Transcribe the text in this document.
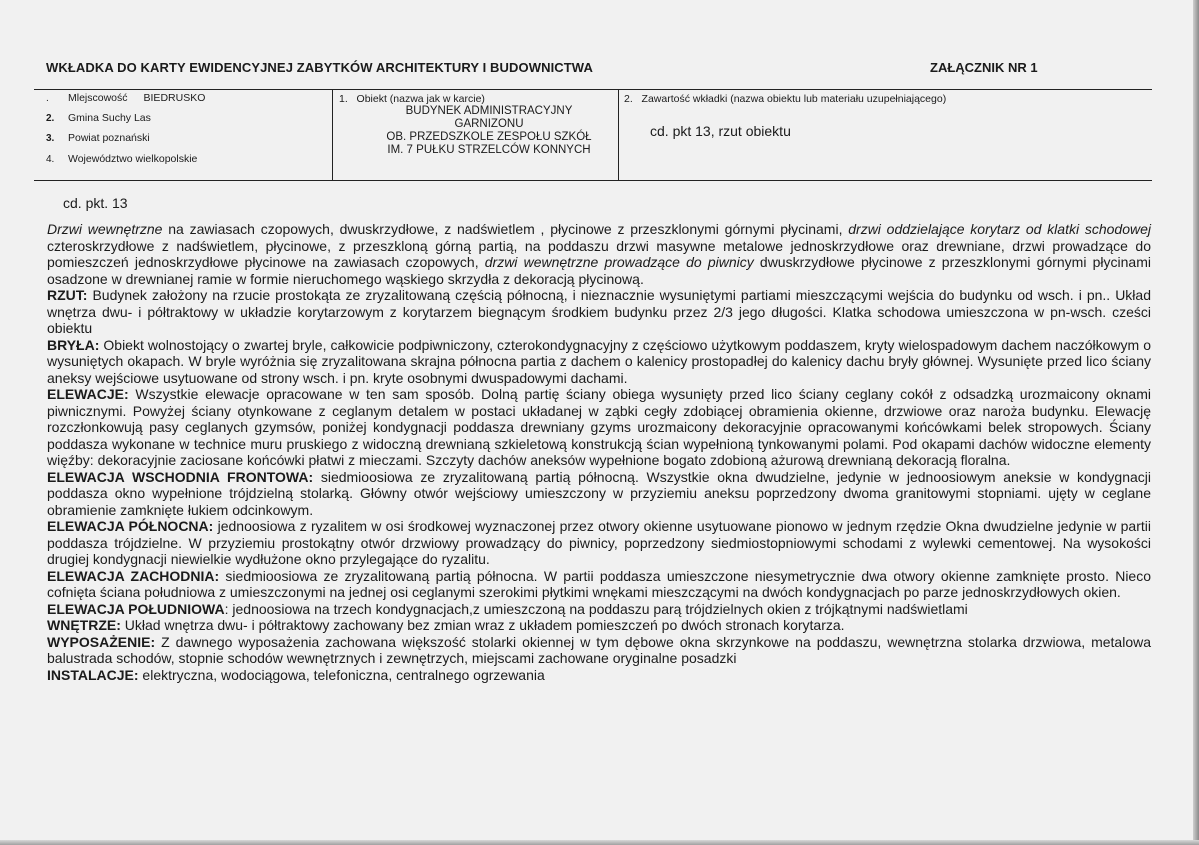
WKŁADKA DO KARTY EWIDENCYJNEJ ZABYTKÓW ARCHITEKTURY I BUDOWNICTWA	ZAŁĄCZNIK NR 1
. Mlejscowość BIEDRUSKO
2. Gmina Suchy Las
3. Powiat poznański
4. Województwo wielkopolskie
1. Obiekt (nazwa jak w karcie)
BUDYNEK ADMINISTRACYJNY
GARNIZONU
OB. PRZEDSZKOLE ZESPOŁU SZKÓŁ
IM. 7 PUŁKU STRZELCÓW KONNYCH
2. Zawartość wkładki (nazwa obiektu lub materiału uzupełniającego)
cd. pkt 13, rzut obiektu
cd. pkt. 13

Drzwi wewnętrzne na zawiasach czopowych, dwuskrzydłowe, z nadświetlem , płycinowe z przeszklonymi górnymi płycinami, drzwi oddzielające korytarz od klatki schodowej czteroskrzydłowe z nadświetlem, płycinowe, z przeszkloną górną partią, na poddaszu drzwi masywne metalowe jednoskrzydłowe oraz drewniane, drzwi prowadzące do pomieszczeń jednoskrzydłowe płycinowe na zawiasach czopowych, drzwi wewnętrzne prowadzące do piwnicy dwuskrzydłowe płycinowe z przeszklonymi górnymi płycinami osadzone w drewnianej ramie w formie nieruchomego wąskiego skrzydła z dekoracją płycinową.

RZUT: Budynek założony na rzucie prostokąta ze zryzalitowaną częścią północną, i nieznacznie wysuniętymi partiami mieszczącymi wejścia do budynku od wsch. i pn.. Układ wnętrza dwu- i półtraktowy w układzie korytarzowym z korytarzem biegnącym środkiem budynku przez 2/3 jego długości. Klatka schodowa umieszczona w pn-wsch. cześci obiektu

BRYŁA: Obiekt wolnostojący o zwartej bryle, całkowicie podpiwniczony, czterokondygnacyjny z częściowo użytkowym poddaszem, kryty wielospadowym dachem naczółkowym o wysuniętych okapach. W bryle wyróżnia się zryzalitowana skrajna północna partia z dachem o kalenicy prostopadłej do kalenicy dachu bryły głównej. Wysunięte przed lico ściany aneksy wejściowe usytuowane od strony wsch. i pn. kryte osobnymi dwuspadowymi dachami.

ELEWACJE: Wszystkie elewacje opracowane w ten sam sposób. Dolną partię ściany obiega wysunięty przed lico ściany ceglany cokół z odsadzką urozmaicony oknami piwnicznymi. Powyżej ściany otynkowane z ceglanym detalem w postaci układanej w ząbki cegły zdobiącej obramienia okienne, drzwiowe oraz naroża budynku. Elewację rozczłonkowują pasy ceglanych gzymsów, poniżej kondygnacji poddasza drewniany gzyms urozmaicony dekoracyjnie opracowanymi końcówkami belek stropowych. Ściany poddasza wykonane w technice muru pruskiego z widoczną drewnianą szkieletową konstrukcją ścian wypełnioną tynkowanymi polami. Pod okapami dachów widoczne elementy więźby: dekoracyjnie zaciosane końcówki płatwi z mieczami. Szczyty dachów aneksów wypełnione bogato zdobioną ażurową drewnianą dekoracją floralna.

ELEWACJA WSCHODNIA FRONTOWA: siedmioosiowa ze zryzalitowaną partią północną. Wszystkie okna dwudzielne, jedynie w jednoosiowym aneksie w kondygnacji poddasza okno wypełnione trójdzielną stolarką. Główny otwór wejściowy umieszczony w przyziemiu aneksu poprzedzony dwoma granitowymi stopniami. ujęty w ceglane obramienie zamknięte łukiem odcinkowym.

ELEWACJA PÓŁNOCNA: jednoosiowa z ryzalitem w osi środkowej wyznaczonej przez otwory okienne usytuowane pionowo w jednym rzędzie Okna dwudzielne jedynie w partii poddasza trójdzielne. W przyziemiu prostokątny otwór drzwiowy prowadzący do piwnicy, poprzedzony siedmiostopniowymi schodami z wylewki cementowej. Na wysokości drugiej kondygnacji niewielkie wydłużone okno przylegające do ryzalitu.

ELEWACJA ZACHODNIA: siedmioosiowa ze zryzalitowaną partią północna. W partii poddasza umieszczone niesymetrycznie dwa otwory okienne zamknięte prosto. Nieco cofnięta ściana południowa z umieszczonymi na jednej osi ceglanymi szerokimi płytkimi wnękami mieszczącymi na dwóch kondygnacjach po parze jednoskrzydłowych okien.

ELEWACJA POŁUDNIOWA: jednoosiowa na trzech kondygnacjach,z umieszczoną na poddaszu parą trójdzielnych okien z trójkątnymi nadświetlami

WNĘTRZE: Układ wnętrza dwu- i półtraktowy zachowany bez zmian wraz z układem pomieszczeń po dwóch stronach korytarza.

WYPOSAŻENIE: Z dawnego wyposażenia zachowana większość stolarki okiennej w tym dębowe okna skrzynkowe na poddaszu, wewnętrzna stolarka drzwiowa, metalowa balustrada schodów, stopnie schodów wewnętrznych i zewnętrzych, miejscami zachowane oryginalne posadzki

INSTALACJE: elektryczna, wodociągowa, telefoniczna, centralnego ogrzewania
